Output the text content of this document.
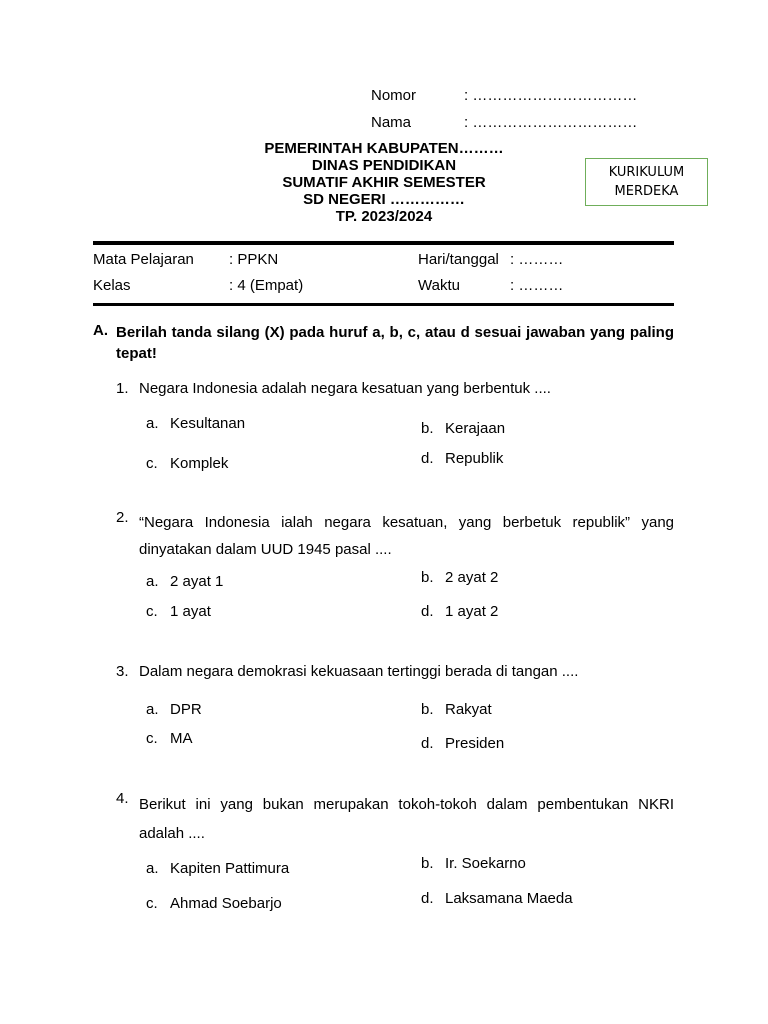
Nomor	: ……………………………
Nama	: ……………………………
PEMERINTAH KABUPATEN………
DINAS PENDIDIKAN
SUMATIF AKHIR SEMESTER
SD NEGERI ……………
TP. 2023/2024
KURIKULUM
MERDEKA
Mata Pelajaran : PPKN	Hari/tanggal : ………
Kelas	: 4 (Empat)	Waktu	: ………
A. Berilah tanda silang (X) pada huruf a, b, c, atau d sesuai jawaban yang paling tepat!
1. Negara Indonesia adalah negara kesatuan yang berbentuk ....
a. Kesultanan	b. Kerajaan
c. Komplek	d. Republik
2. “Negara Indonesia ialah negara kesatuan, yang berbetuk republik” yang dinyatakan dalam UUD 1945 pasal ....
a. 2 ayat 1	b. 2 ayat 2
c. 1 ayat	d. 1 ayat 2
3. Dalam negara demokrasi kekuasaan tertinggi berada di tangan ....
a. DPR	b. Rakyat
c. MA	d. Presiden
4. Berikut ini yang bukan merupakan tokoh-tokoh dalam pembentukan NKRI adalah ....
a. Kapiten Pattimura	b. Ir. Soekarno
c. Ahmad Soebarjo	d. Laksamana Maeda
